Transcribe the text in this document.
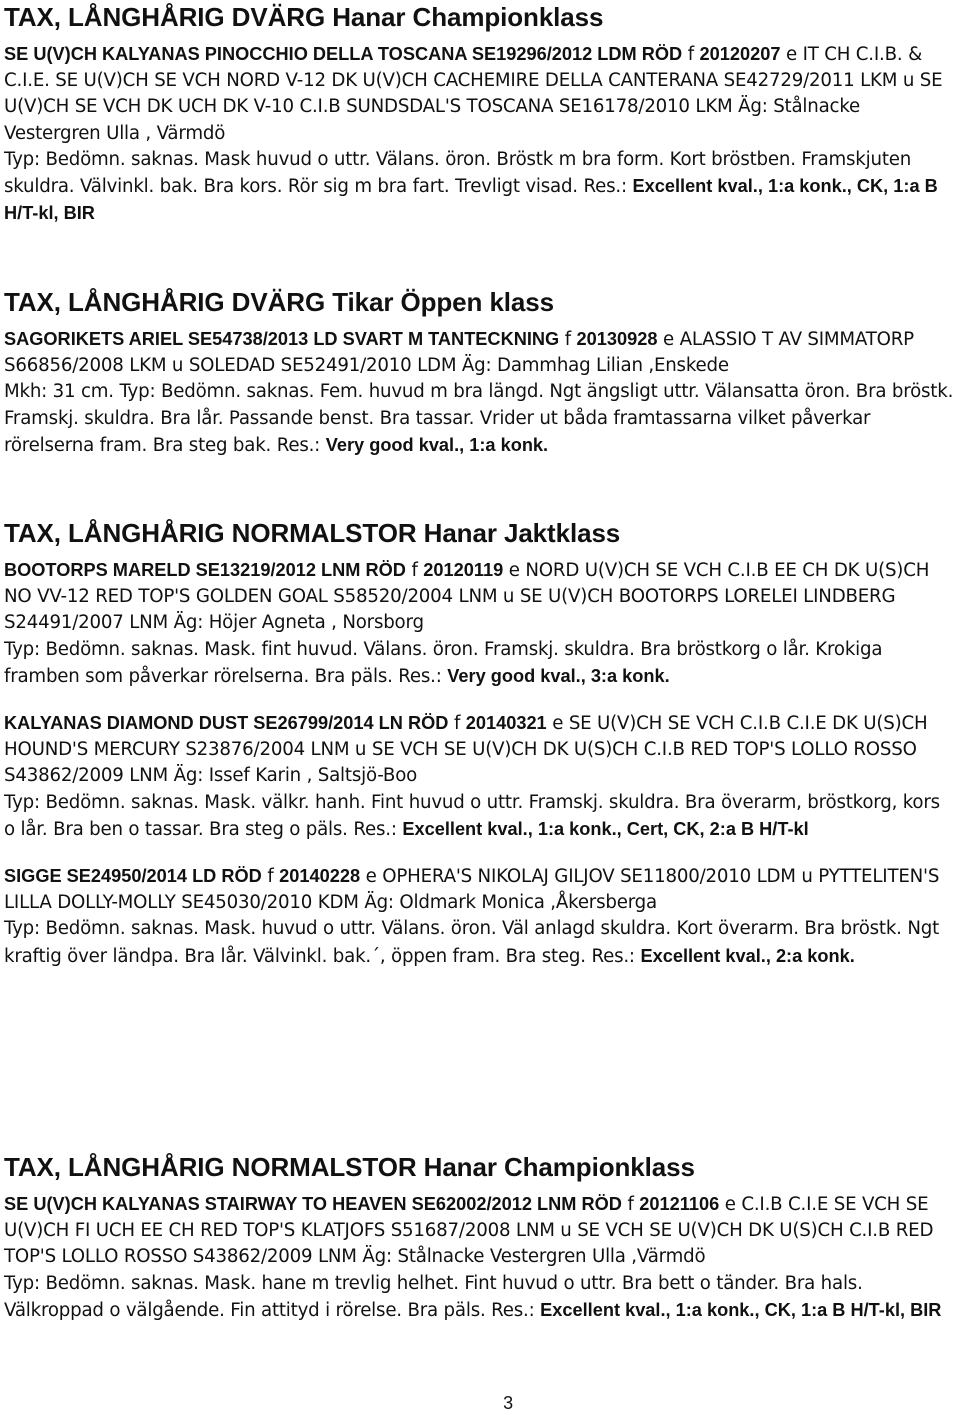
TAX, LÅNGHÅRIG DVÄRG Hanar Championklass

SE U(V)CH KALYANAS PINOCCHIO DELLA TOSCANA SE19296/2012 LDM RÖD f 20120207 e IT CH C.I.B. & C.I.E. SE U(V)CH SE VCH NORD V-12 DK U(V)CH CACHEMIRE DELLA CANTERANA SE42729/2011 LKM u SE U(V)CH SE VCH DK UCH DK V-10 C.I.B SUNDSDAL'S TOSCANA SE16178/2010 LKM Äg: Stålnacke Vestergren Ulla , Värmdö

Typ: Bedömn. saknas. Mask huvud o uttr. Välans. öron. Bröstk m bra form. Kort bröstben. Framskjuten skuldra. Välvinkl. bak. Bra kors. Rör sig m bra fart. Trevligt visad. Res.: Excellent kval., 1:a konk., CK, 1:a B H/T-kl, BIR

TAX, LÅNGHÅRIG DVÄRG Tikar Öppen klass

SAGORIKETS ARIEL SE54738/2013 LD SVART M TANTECKNING f 20130928 e ALASSIO T AV SIMMATORP S66856/2008 LKM u SOLEDAD SE52491/2010 LDM Äg: Dammhag Lilian ,Enskede

Mkh: 31 cm. Typ: Bedömn. saknas. Fem. huvud m bra längd. Ngt ängsligt uttr. Välansatta öron. Bra bröstk. Framskj. skuldra. Bra lår. Passande benst. Bra tassar. Vrider ut båda framtassarna vilket påverkar rörelserna fram. Bra steg bak. Res.: Very good kval., 1:a konk.

TAX, LÅNGHÅRIG NORMALSTOR Hanar Jaktklass

BOOTORPS MARELD SE13219/2012 LNM RÖD f 20120119 e NORD U(V)CH SE VCH C.I.B EE CH DK U(S)CH NO VV-12 RED TOP'S GOLDEN GOAL S58520/2004 LNM u SE U(V)CH BOOTORPS LORELEI LINDBERG S24491/2007 LNM Äg: Höjer Agneta , Norsborg

Typ: Bedömn. saknas. Mask. fint huvud. Välans. öron. Framskj. skuldra. Bra bröstkorg o lår. Krokiga framben som påverkar rörelserna. Bra päls. Res.: Very good kval., 3:a konk.

KALYANAS DIAMOND DUST SE26799/2014 LN RÖD f 20140321 e SE U(V)CH SE VCH C.I.B C.I.E DK U(S)CH HOUND'S MERCURY S23876/2004 LNM u SE VCH SE U(V)CH DK U(S)CH C.I.B RED TOP'S LOLLO ROSSO S43862/2009 LNM Äg: Issef Karin , Saltsjö-Boo

Typ: Bedömn. saknas. Mask. välkr. hanh. Fint huvud o uttr. Framskj. skuldra. Bra överarm, bröstkorg, kors o lår. Bra ben o tassar. Bra steg o päls. Res.: Excellent kval., 1:a konk., Cert, CK, 2:a B H/T-kl

SIGGE SE24950/2014 LD RÖD f 20140228 e OPHERA'S NIKOLAJ GILJOV SE11800/2010 LDM u PYTTELITEN'S LILLA DOLLY-MOLLY SE45030/2010 KDM Äg: Oldmark Monica ,Åkersberga

Typ: Bedömn. saknas. Mask. huvud o uttr. Välans. öron. Väl anlagd skuldra. Kort överarm. Bra bröstk. Ngt kraftig över ländpa. Bra lår. Välvinkl. bak.´, öppen fram. Bra steg. Res.: Excellent kval., 2:a konk.

TAX, LÅNGHÅRIG NORMALSTOR Hanar Championklass

SE U(V)CH KALYANAS STAIRWAY TO HEAVEN SE62002/2012 LNM RÖD f 20121106 e C.I.B C.I.E SE VCH SE U(V)CH FI UCH EE CH RED TOP'S KLATJOFS S51687/2008 LNM u SE VCH SE U(V)CH DK U(S)CH C.I.B RED TOP'S LOLLO ROSSO S43862/2009 LNM Äg: Stålnacke Vestergren Ulla ,Värmdö

Typ: Bedömn. saknas. Mask. hane m trevlig helhet. Fint huvud o uttr. Bra bett o tänder. Bra hals. Välkroppad o välgående. Fin attityd i rörelse. Bra päls. Res.: Excellent kval., 1:a konk., CK, 1:a B H/T-kl, BIR

3
